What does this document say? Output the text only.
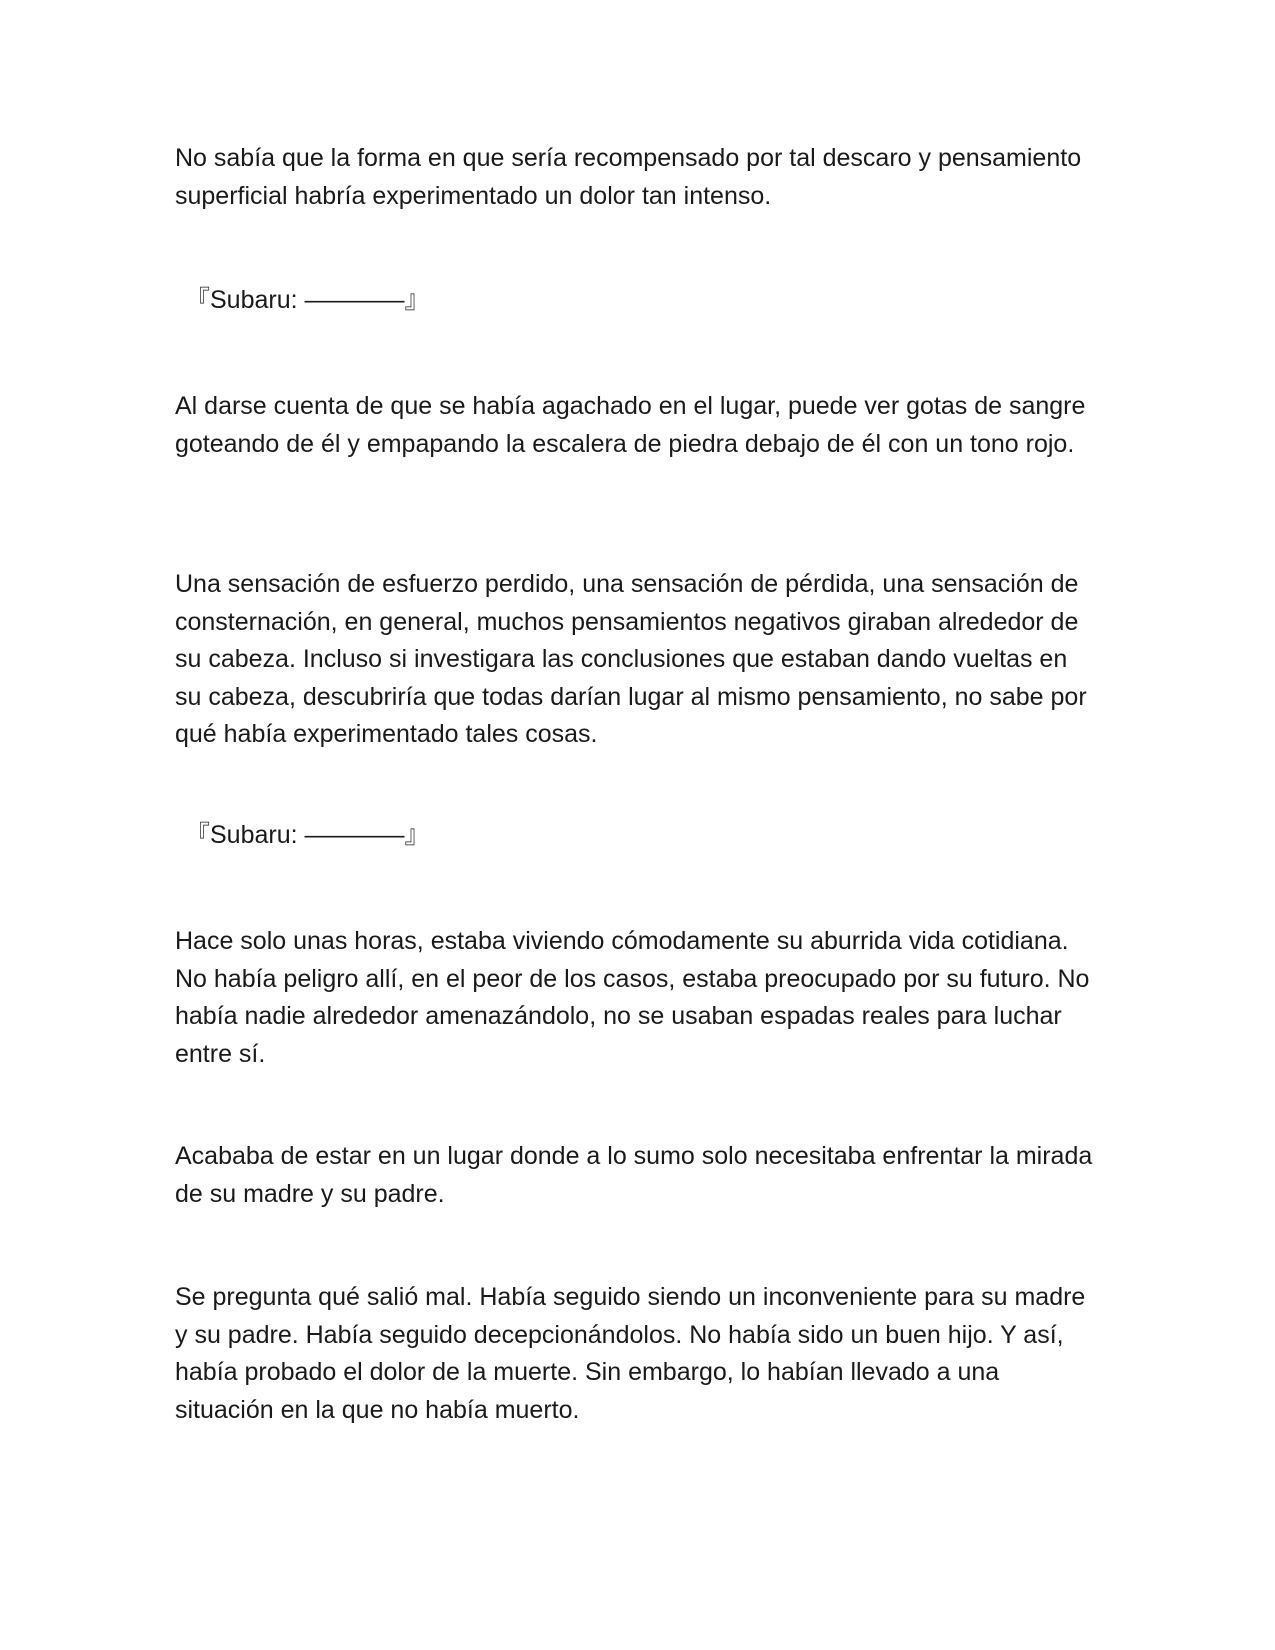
No sabía que la forma en que sería recompensado por tal descaro y pensamiento superficial habría experimentado un dolor tan intenso.

『Subaru: ————』

Al darse cuenta de que se había agachado en el lugar, puede ver gotas de sangre goteando de él y empapando la escalera de piedra debajo de él con un tono rojo.

Una sensación de esfuerzo perdido, una sensación de pérdida, una sensación de consternación, en general, muchos pensamientos negativos giraban alrededor de su cabeza. Incluso si investigara las conclusiones que estaban dando vueltas en su cabeza, descubriría que todas darían lugar al mismo pensamiento, no sabe por qué había experimentado tales cosas.

『Subaru: ————』

Hace solo unas horas, estaba viviendo cómodamente su aburrida vida cotidiana. No había peligro allí, en el peor de los casos, estaba preocupado por su futuro. No había nadie alrededor amenazándolo, no se usaban espadas reales para luchar entre sí.

Acababa de estar en un lugar donde a lo sumo solo necesitaba enfrentar la mirada de su madre y su padre.

Se pregunta qué salió mal. Había seguido siendo un inconveniente para su madre y su padre. Había seguido decepcionándolos. No había sido un buen hijo. Y así, había probado el dolor de la muerte. Sin embargo, lo habían llevado a una situación en la que no había muerto.
